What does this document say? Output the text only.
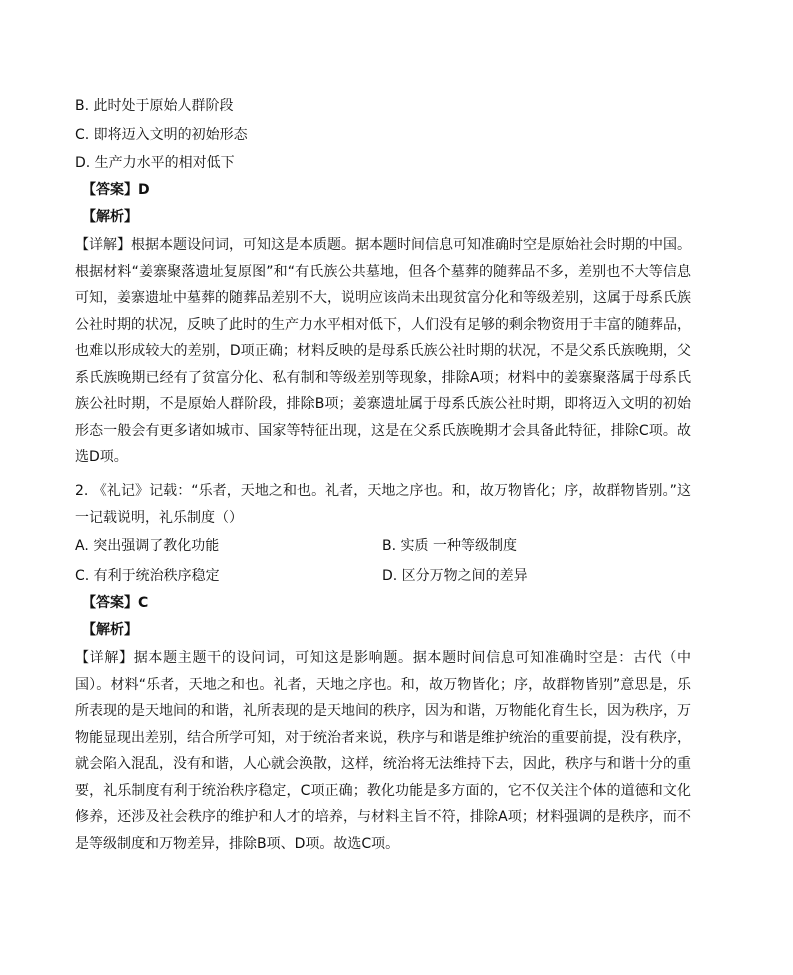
B. 此时处于原始人群阶段
C. 即将迈入文明的初始形态
D. 生产力水平的相对低下
【答案】D
【解析】
【详解】根据本题设问词，可知这是本质题。据本题时间信息可知准确时空是原始社会时期的中国。根据材料“姜寨聚落遗址复原图”和“有氏族公共墓地，但各个墓葬的随葬品不多，差别也不大等信息可知，姜寨遗址中墓葬的随葬品差别不大，说明应该尚未出现贫富分化和等级差别，这属于母系氏族公社时期的状况，反映了此时的生产力水平相对低下，人们没有足够的剩余物资用于丰富的随葬品，也难以形成较大的差别，D项正确；材料反映的是母系氏族公社时期的状况，不是父系氏族晚期，父系氏族晚期已经有了贫富分化、私有制和等级差别等现象，排除A项；材料中的姜寨聚落属于母系氏族公社时期，不是原始人群阶段，排除B项；姜寨遗址属于母系氏族公社时期，即将迈入文明的初始形态一般会有更多诸如城市、国家等特征出现，这是在父系氏族晚期才会具备此特征，排除C项。故选D项。
2. 《礼记》记载：“乐者，天地之和也。礼者，天地之序也。和，故万物皆化；序，故群物皆别。”这一记载说明，礼乐制度（）
A. 突出强调了教化功能	B. 实质 一种等级制度
C. 有利于统治秩序稳定	D. 区分万物之间的差异
【答案】C
【解析】
【详解】据本题主题干的设问词，可知这是影响题。据本题时间信息可知准确时空是：古代（中国）。材料“乐者，天地之和也。礼者，天地之序也。和，故万物皆化；序，故群物皆别”意思是，乐所表现的是天地间的和谐，礼所表现的是天地间的秩序，因为和谐，万物能化育生长，因为秩序，万物能显现出差别，结合所学可知，对于统治者来说，秩序与和谐是维护统治的重要前提，没有秩序，就会陷入混乱，没有和谐，人心就会涣散，这样，统治将无法维持下去，因此，秩序与和谐十分的重要，礼乐制度有利于统治秩序稳定，C项正确；教化功能是多方面的，它不仅关注个体的道德和文化修养，还涉及社会秩序的维护和人才的培养，与材料主旨不符，排除A项；材料强调的是秩序，而不是等级制度和万物差异，排除B项、D项。故选C项。
